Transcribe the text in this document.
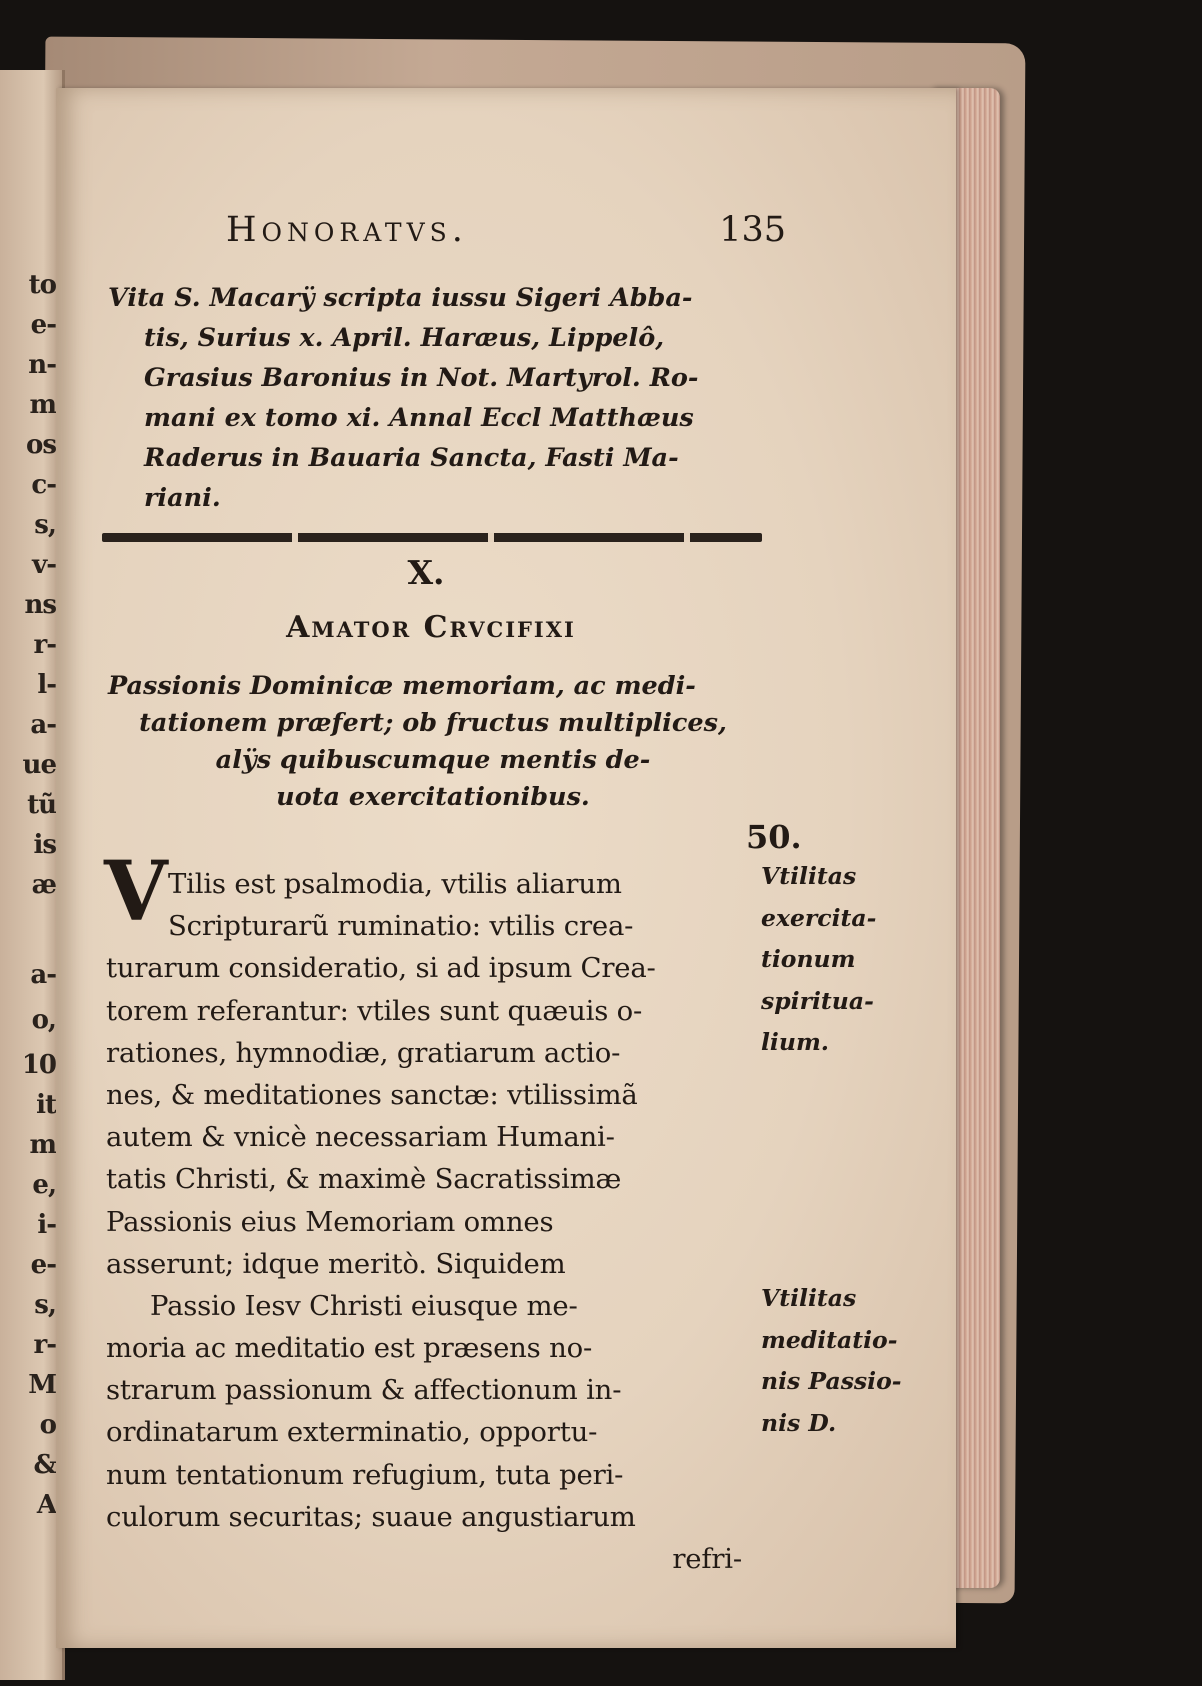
to
e-
n-
m
os
c-
s,
v-
ns
r-
l-
a-
ue
tũ
is
æ
a-
o,
10
it
m
e,
i-
e-
s,
r-
M
o
&
A
Honoratvs.	135
Vita S. Macarÿ scripta iussu Sigeri Abba-
tis, Surius x. April. Haræus, Lippelô,
Grasius Baronius in Not. Martyrol. Ro-
mani ex tomo xi. Annal Eccl Matthæus
Raderus in Bauaria Sancta, Fasti Ma-
riani.
X.
Amator Crvcifixi
Passionis Dominicæ memoriam, ac medi-
tationem præfert; ob fructus multiplices,
alÿs quibuscumque mentis de-
uota exercitationibus.
50.
V Tilis est psalmodia, vtilis aliarum
Scripturarũ ruminatio: vtilis crea-
turarum consideratio, si ad ipsum Crea-
torem referantur: vtiles sunt quæuis o-
rationes, hymnodiæ, gratiarum actio-
nes, & meditationes sanctæ: vtilissimã
autem & vnicè necessariam Humani-
tatis Christi, & maximè Sacratissimæ
Passionis eius Memoriam omnes
asserunt; idque meritò. Siquidem
Passio Iesv Christi eiusque me-
moria ac meditatio est præsens no-
strarum passionum & affectionum in-
ordinatarum exterminatio, opportu-
num tentationum refugium, tuta peri-
culorum securitas; suaue angustiarum
refri-
Vtilitas
exercita-
tionum
spiritua-
lium.
Vtilitas
meditatio-
nis Passio-
nis D.
